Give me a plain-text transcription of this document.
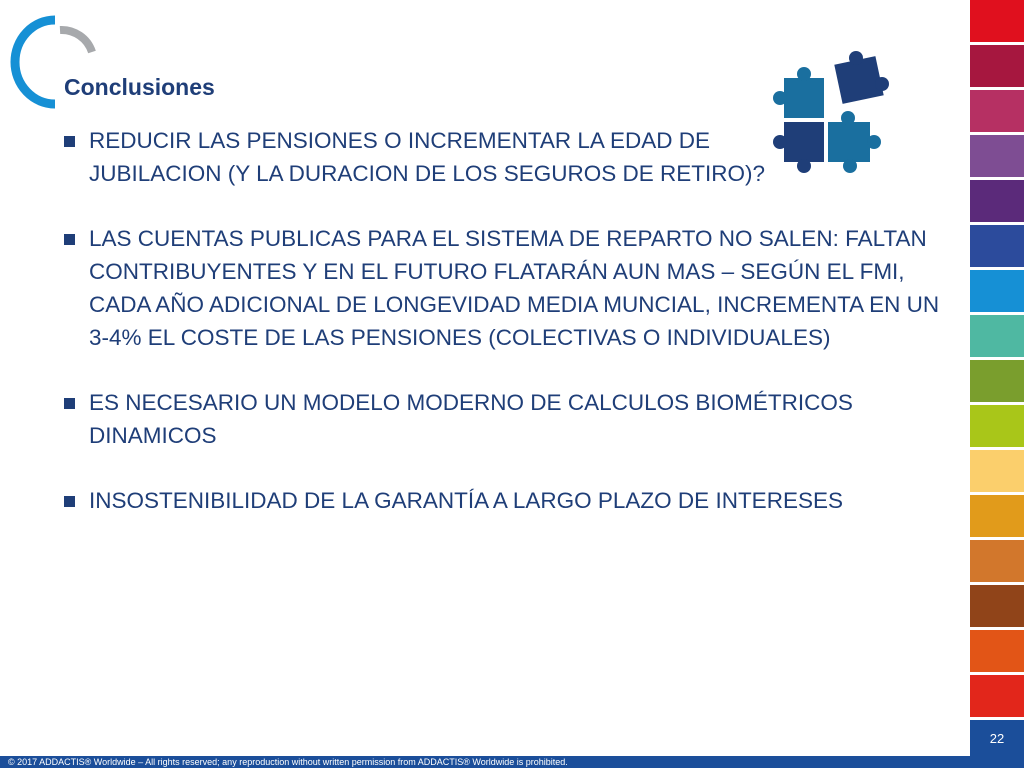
Conclusiones
REDUCIR LAS PENSIONES O INCREMENTAR LA EDAD DE JUBILACION (Y LA DURACION DE LOS SEGUROS DE RETIRO)?
LAS CUENTAS PUBLICAS PARA EL SISTEMA DE REPARTO NO SALEN: FALTAN CONTRIBUYENTES Y EN EL FUTURO FLATARÁN AUN MAS – SEGÚN EL FMI, CADA AÑO ADICIONAL DE LONGEVIDAD MEDIA MUNCIAL, INCREMENTA EN UN 3-4% EL COSTE DE LAS PENSIONES (COLECTIVAS O INDIVIDUALES)
ES NECESARIO UN MODELO MODERNO DE CALCULOS BIOMÉTRICOS DINAMICOS
INSOSTENIBILIDAD DE LA GARANTÍA A LARGO PLAZO DE INTERESES
22
© 2017 ADDACTIS® Worldwide – All rights reserved; any reproduction without written permission from ADDACTIS® Worldwide is prohibited.
